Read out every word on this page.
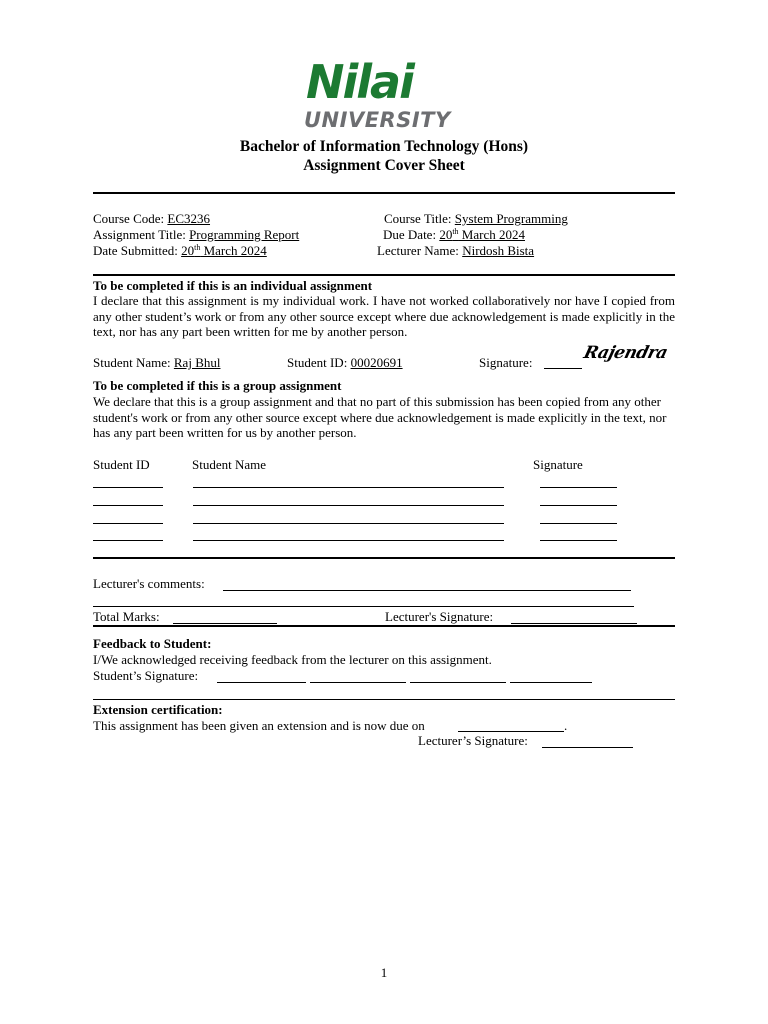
Nilai
UNIVERSITY
Bachelor of Information Technology (Hons)
Assignment Cover Sheet
Course Code: EC3236	Course Title: System Programming
Assignment Title: Programming Report	Due Date: 20th March 2024
Date Submitted: 20th March 2024	Lecturer Name: Nirdosh Bista
To be completed if this is an individual assignment
I declare that this assignment is my individual work. I have not worked collaboratively nor have I copied from any other student’s work or from any other source except where due acknowledgement is made explicitly in the text, nor has any part been written for me by another person.
Student Name: Raj Bhul	Student ID: 00020691	Signature:	Rajendra
To be completed if this is a group assignment
We declare that this is a group assignment and that no part of this submission has been copied from any other student's work or from any other source except where due acknowledgement is made explicitly in the text, nor has any part been written for us by another person.
Student ID	Student Name	Signature
Lecturer's comments:
Total Marks:	Lecturer's Signature:
Feedback to Student:
I/We acknowledged receiving feedback from the lecturer on this assignment.
Student’s Signature:
Extension certification:
This assignment has been given an extension and is now due on	.
Lecturer’s Signature:
1
